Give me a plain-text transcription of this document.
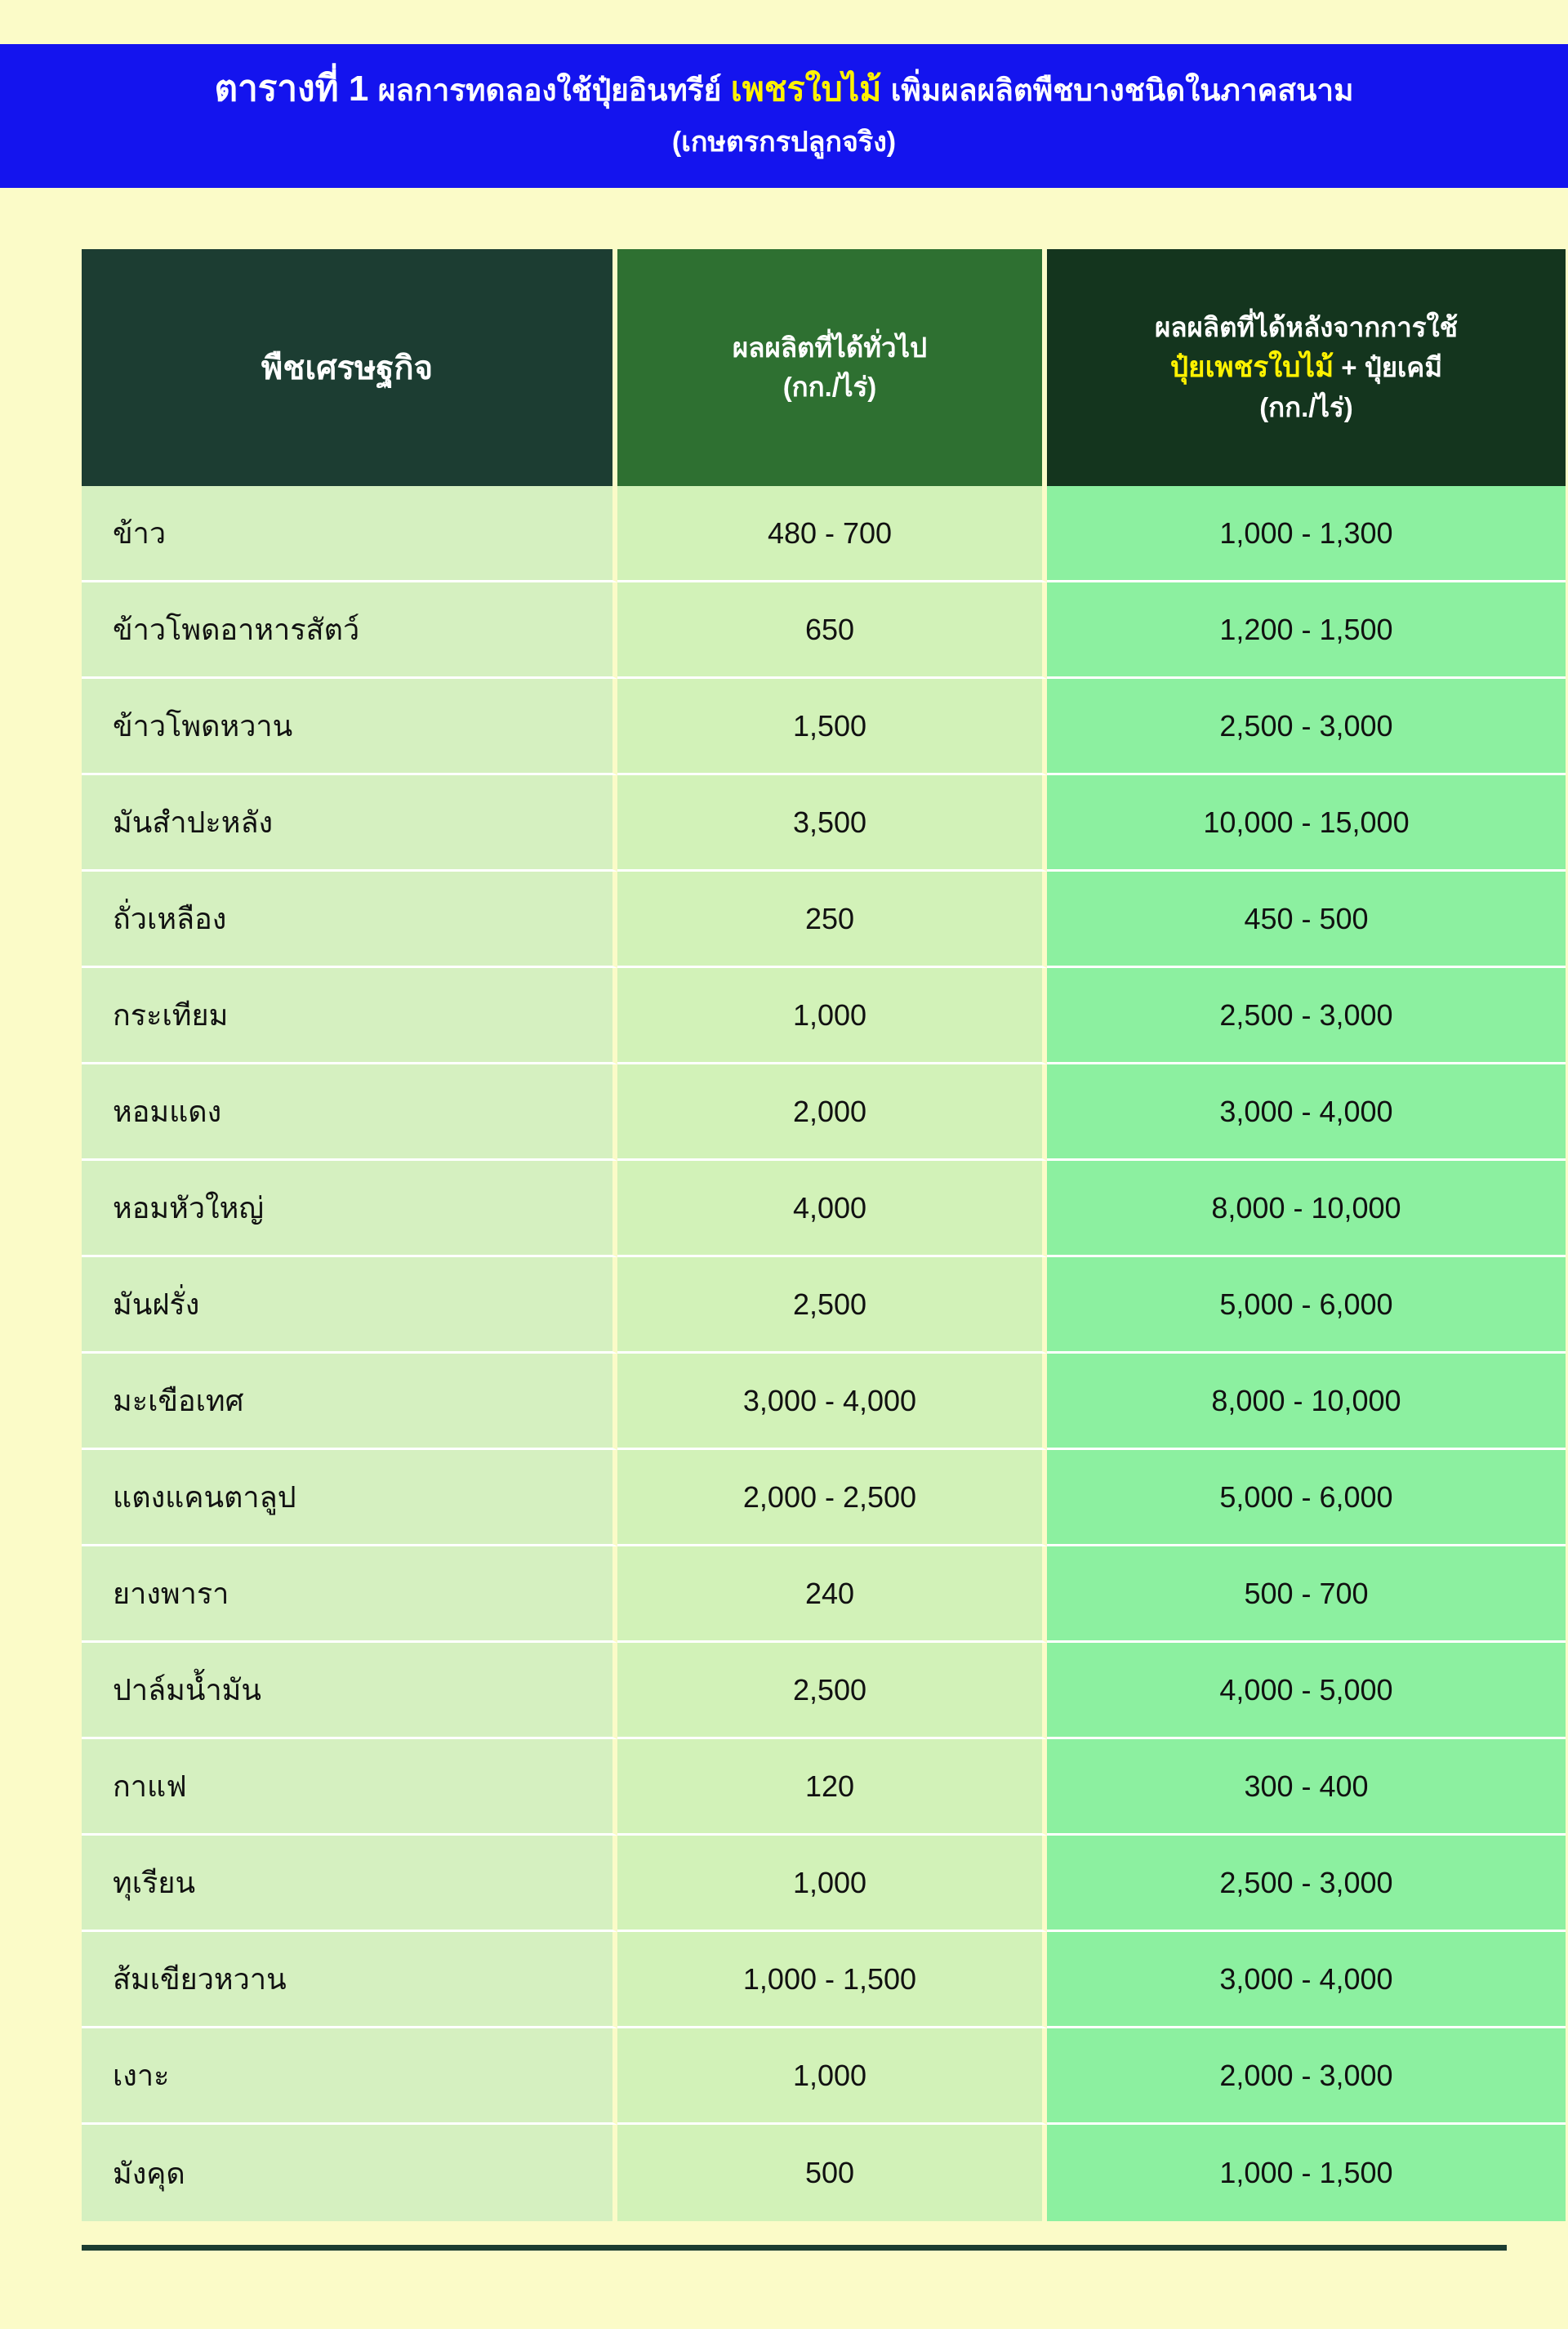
ตารางที่ 1 ผลการทดลองใช้ปุ๋ยอินทรีย์ เพชรใบไม้ เพิ่มผลผลิตพืชบางชนิดในภาคสนาม
(เกษตรกรปลูกจริง)
พืชเศรษฐกิจ	
ผลผลิตที่ได้ทั่วไป
(กก./ไร่)

ผลผลิตที่ได้หลังจากการใช้
ปุ๋ยเพชรใบไม้ + ปุ๋ยเคมี
(กก./ไร่)

ข้าว	480 - 700	1,000 - 1,300
ข้าวโพดอาหารสัตว์	650	1,200 - 1,500
ข้าวโพดหวาน	1,500	2,500 - 3,000
มันสำปะหลัง	3,500	10,000 - 15,000
ถั่วเหลือง	250	450 - 500
กระเทียม	1,000	2,500 - 3,000
หอมแดง	2,000	3,000 - 4,000
หอมหัวใหญ่	4,000	8,000 - 10,000
มันฝรั่ง	2,500	5,000 - 6,000
มะเขือเทศ	3,000 - 4,000	8,000 - 10,000
แตงแคนตาลูป	2,000 - 2,500	5,000 - 6,000
ยางพารา	240	500 - 700
ปาล์มน้ำมัน	2,500	4,000 - 5,000
กาแฟ	120	300 - 400
ทุเรียน	1,000	2,500 - 3,000
ส้มเขียวหวาน	1,000 - 1,500	3,000 - 4,000
เงาะ	1,000	2,000 - 3,000
มังคุด	500	1,000 - 1,500
